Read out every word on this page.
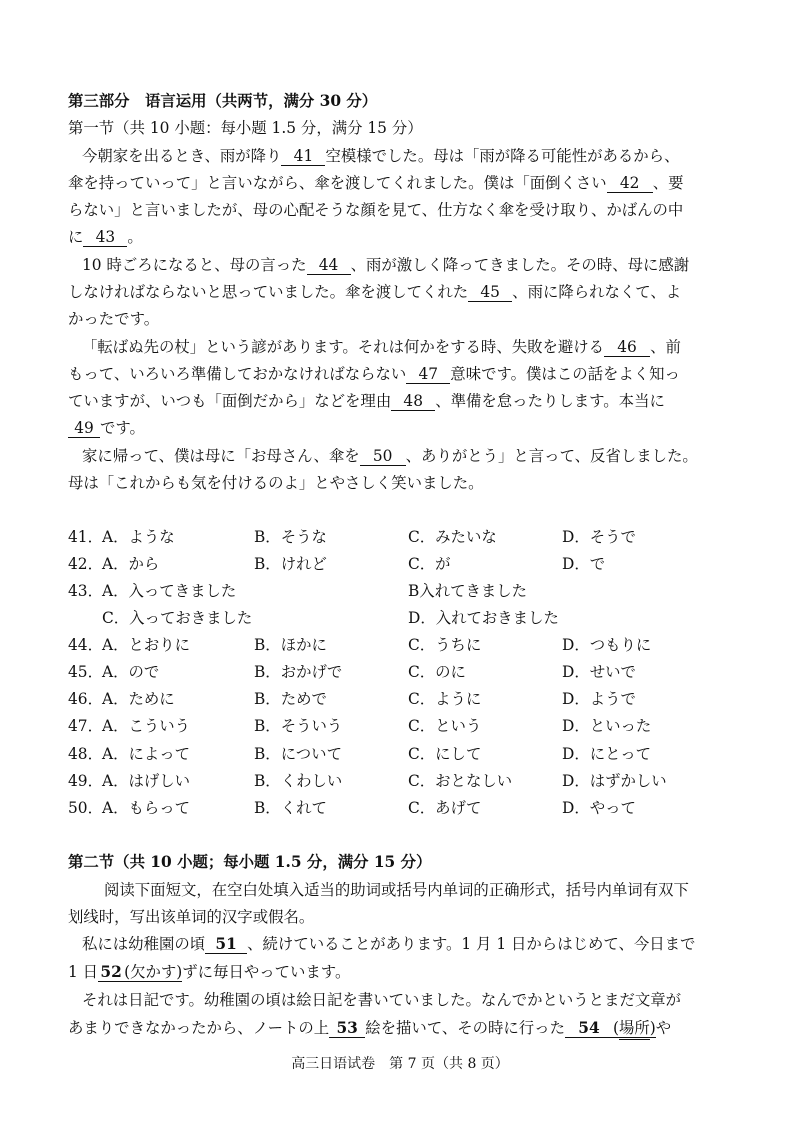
第三部分　语言运用（共两节，满分 30 分）
第一节（共 10 小题：每小题 1.5 分，满分 15 分）
今朝家を出るとき、雨が降り 41 空模様でした。母は「雨が降る可能性があるから、
傘を持っていって」と言いながら、傘を渡してくれました。僕は「面倒くさい 42 、要
らない」と言いましたが、母の心配そうな顔を見て、仕方なく傘を受け取り、かばんの中
に 43 。
10 時ごろになると、母の言った 44 、雨が激しく降ってきました。その時、母に感謝
しなければならないと思っていました。傘を渡してくれた 45 、雨に降られなくて、よ
かったです。
「転ばぬ先の杖」という諺があります。それは何かをする時、失敗を避ける 46 、前
もって、いろいろ準備しておかなければならない 47 意味です。僕はこの話をよく知っ
ていますが、いつも「面倒だから」などを理由 48 、準備を怠ったりします。本当に
49 です。
家に帰って、僕は母に「お母さん、傘を 50 、ありがとう」と言って、反省しました。
母は「これからも気を付けるのよ」とやさしく笑いました。
41． A．ような	B．そうな	C．みたいな	D．そうで
42． A．から	B．けれど	C．が	D．で
43． A．入ってきました	B入れてきました
C．入っておきました	D．入れておきました
44． A．とおりに	B．ほかに	C．うちに	D．つもりに
45． A．ので	B．おかげで	C．のに	D．せいで
46． A．ために	B．ためで	C．ように	D．ようで
47． A．こういう	B．そういう	C．という	D．といった
48． A．によって	B．について	C．にして	D．にとって
49． A．はげしい	B．くわしい	C．おとなしい	D．はずかしい
50． A．もらって	B．くれて	C．あげて	D．やって
第二节（共 10 小题；每小题 1.5 分，满分 15 分）
阅读下面短文，在空白处填入适当的助词或括号内单词的正确形式，括号内单词有双下
划线时，写出该单词的汉字或假名。
私には幼稚園の頃 51 、続けていることがあります。1 月 1 日からはじめて、今日まで
1 日 52 (欠かす)ずに毎日やっています。
それは日記です。幼稚園の頃は絵日記を書いていました。なんでかというとまだ文章が
あまりできなかったから、ノートの上 53 絵を描いて、その時に行った 54 (場所)や
高三日语试卷　第 7 页（共 8 页）
